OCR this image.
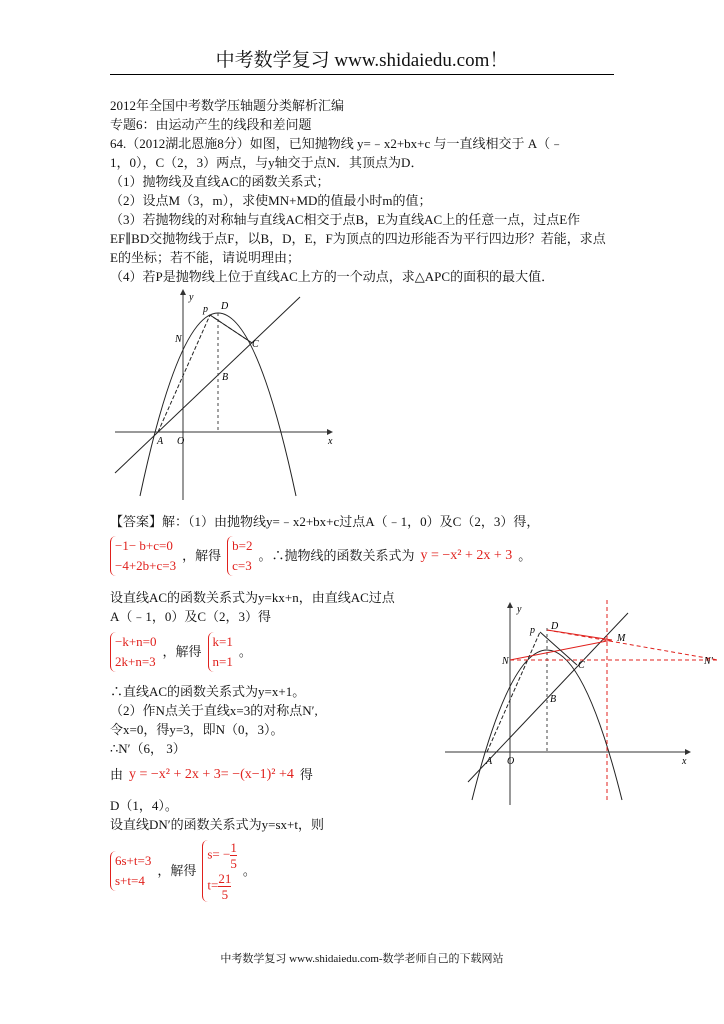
中考数学复习 www.shidaiedu.com！
2012年全国中考数学压轴题分类解析汇编
专题6：由运动产生的线段和差问题
64.（2012湖北恩施8分）如图，已知抛物线 y=﹣x2+bx+c 与一直线相交于 A（﹣
1，0），C（2，3）两点，与y轴交于点N．其顶点为D．
（1）抛物线及直线AC的函数关系式；
（2）设点M（3，m），求使MN+MD的值最小时m的值；
（3）若抛物线的对称轴与直线AC相交于点B，E为直线AC上的任意一点，过点E作
EF∥BD交抛物线于点F，以B，D，E，F为顶点的四边形能否为平行四边形？若能，求点
E的坐标；若不能，请说明理由；
（4）若P是抛物线上位于直线AC上方的一个动点，求△APC的面积的最大值．
y
x
p D
N	C
B
A O
【答案】解：（1）由抛物线y=﹣x2+bx+c过点A（﹣1，0）及C（2，3）得，
−1− b+c=0
−4+2b+c=3
，解得
b=2
c=3
。∴抛物线的函数关系式为 y = −x² + 2x + 3 。
设直线AC的函数关系式为y=kx+n，由直线AC过点
A（﹣1，0）及C（2，3）得
−k+n=0
2k+n=3
，解得
k=1
n=1
。
∴直线AC的函数关系式为y=x+1。
（2）作N点关于直线x=3的对称点N′,
令x=0，得y=3，即N（0，3）。
∴N′（6， 3）
由 y = −x² + 2x + 3= −(x−1)² +4 得
D（1，4）。
设直线DN′的函数关系式为y=sx+t，则
6s+t=3
s+t=4
，解得
$s= - \frac{1}{5}$
$t= \frac{21}{5}$
。
y
x
p D
N	C
B
A O
M
N'
中考数学复习 www.shidaiedu.com-数学老师自己的下载网站
